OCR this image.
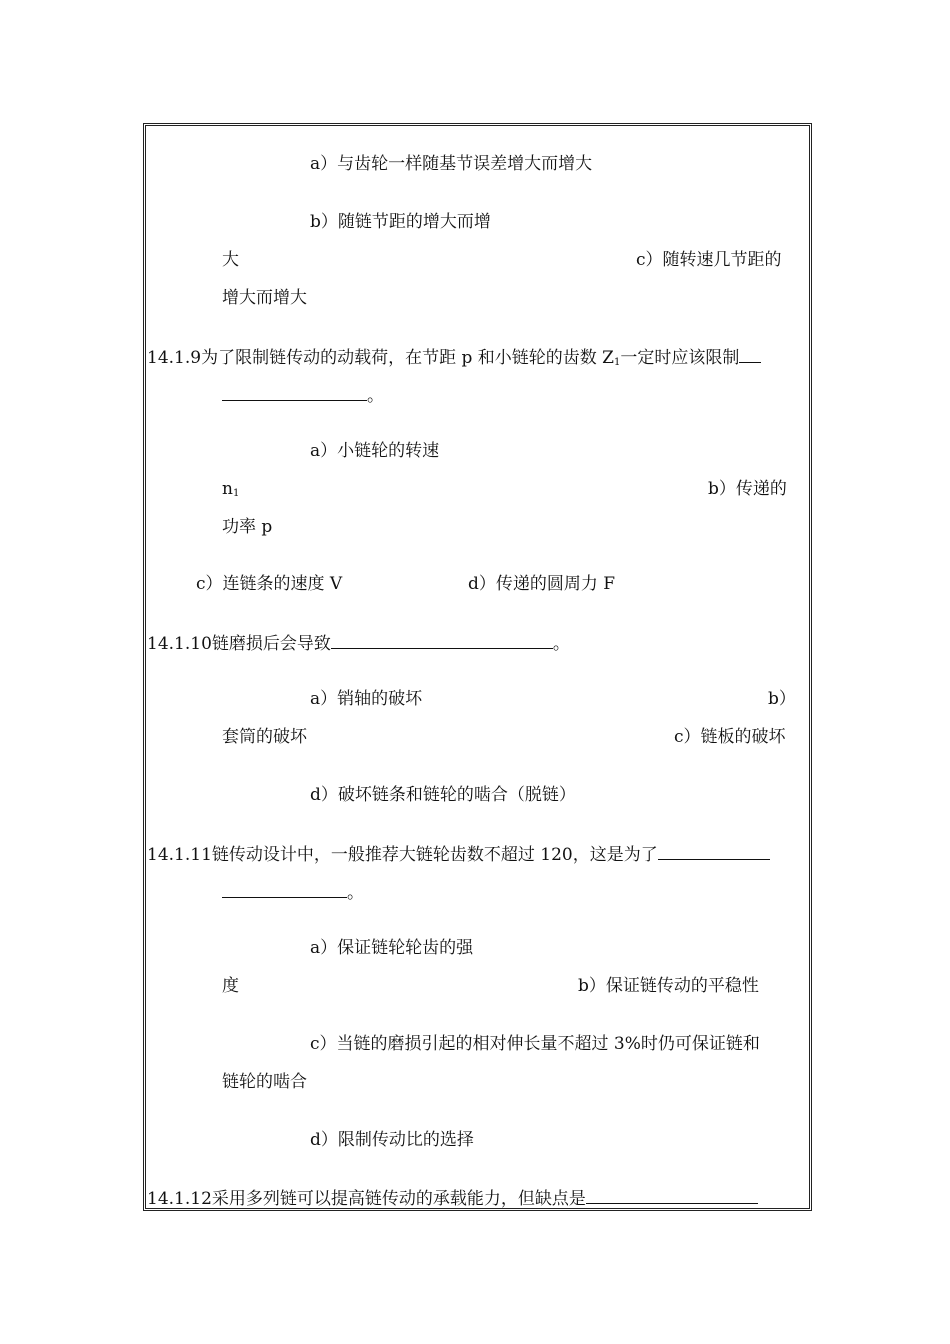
a）与齿轮一样随基节误差增大而增大
b）随链节距的增大而增
大	c）随转速几节距的
增大而增大
14.1.9为了限制链传动的动载荷，在节距 p 和小链轮的齿数 $Z_1$一定时应该限制
。
a）小链轮的转速
$n_1$	b）传递的
功率 p
c）连链条的速度 V	d）传递的圆周力 F
14.1.10链磨损后会导致	。
a）销轴的破坏	b）
套筒的破坏	c）链板的破坏
d）破坏链条和链轮的啮合（脱链）
14.1.11链传动设计中，一般推荐大链轮齿数不超过 120，这是为了
。
a）保证链轮轮齿的强
度	b）保证链传动的平稳性
c）当链的磨损引起的相对伸长量不超过 3%时仍可保证链和
链轮的啮合
d）限制传动比的选择
14.1.12采用多列链可以提高链传动的承载能力，但缺点是
